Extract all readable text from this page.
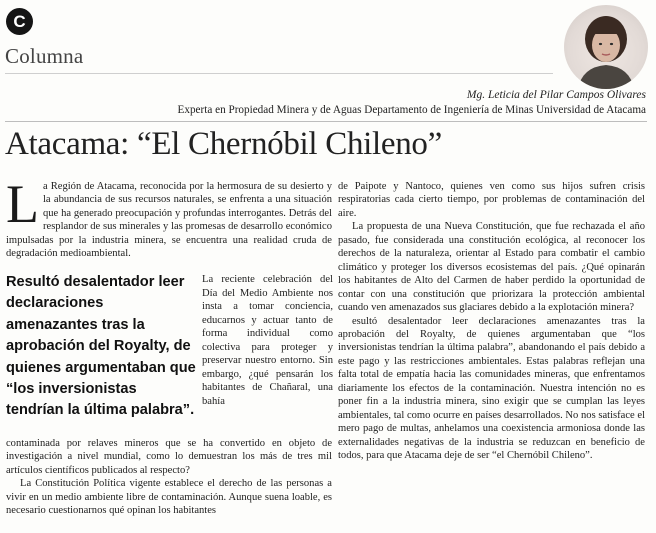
C
Columna
Mg. Leticia del Pilar Campos Olivares
Experta en Propiedad Minera y de Aguas Departamento de Ingeniería de Minas Universidad de Atacama
Atacama: “El Chernóbil Chileno”
L a Región de Atacama, reconocida por la hermosura de su desierto y la abundancia de sus recursos naturales, se enfrenta a una situación que ha generado preocupación y profundas interrogantes. Detrás del resplandor de sus minerales y las promesas de desarrollo económico impulsadas por la industria minera, se encuentra una realidad cruda de degradación medioambiental.
Resultó desalentador leer declaraciones amenazantes tras la aprobación del Royalty, de quienes argumentaban que “los inversionistas tendrían la última palabra”.
La reciente celebración del Día del Medio Ambiente nos insta a tomar conciencia, educarnos y actuar tanto de forma individual como colectiva para proteger y preservar nuestro entorno. Sin embargo, ¿qué pensarán los habitantes de Chañaral, una bahía

contaminada por relaves mineros que se ha convertido en objeto de investigación a nivel mundial, como lo demuestran los más de tres mil artículos científicos publicados al respecto?

La Constitución Política vigente establece el derecho de las personas a vivir en un medio ambiente libre de contaminación. Aunque suena loable, es necesario cuestionarnos qué opinan los habitantes

de Paipote y Nantoco, quienes ven como sus hijos sufren crisis respiratorias cada cierto tiempo, por problemas de contaminación del aire.

La propuesta de una Nueva Constitución, que fue rechazada el año pasado, fue considerada una constitución ecológica, al reconocer los derechos de la naturaleza, orientar al Estado para combatir el cambio climático y proteger los diversos ecosistemas del país. ¿Qué opinarán los habitantes de Alto del Carmen de haber perdido la oportunidad de contar con una constitución que priorizara la protección ambiental cuando ven amenazados sus glaciares debido a la explotación minera?

esultó desalentador leer declaraciones amenazantes tras la aprobación del Royalty, de quienes argumentaban que “los inversionistas tendrían la última palabra”, abandonando el país debido a este pago y las restricciones ambientales. Estas palabras reflejan una falta total de empatía hacia las comunidades mineras, que enfrentamos diariamente los efectos de la contaminación. Nuestra intención no es poner fin a la industria minera, sino exigir que se cumplan las leyes ambientales, tal como ocurre en países desarrollados. No nos satisface el mero pago de multas, anhelamos una coexistencia armoniosa donde las externalidades negativas de la industria se reduzcan en beneficio de todos, para que Atacama deje de ser “el Chernóbil Chileno”.
